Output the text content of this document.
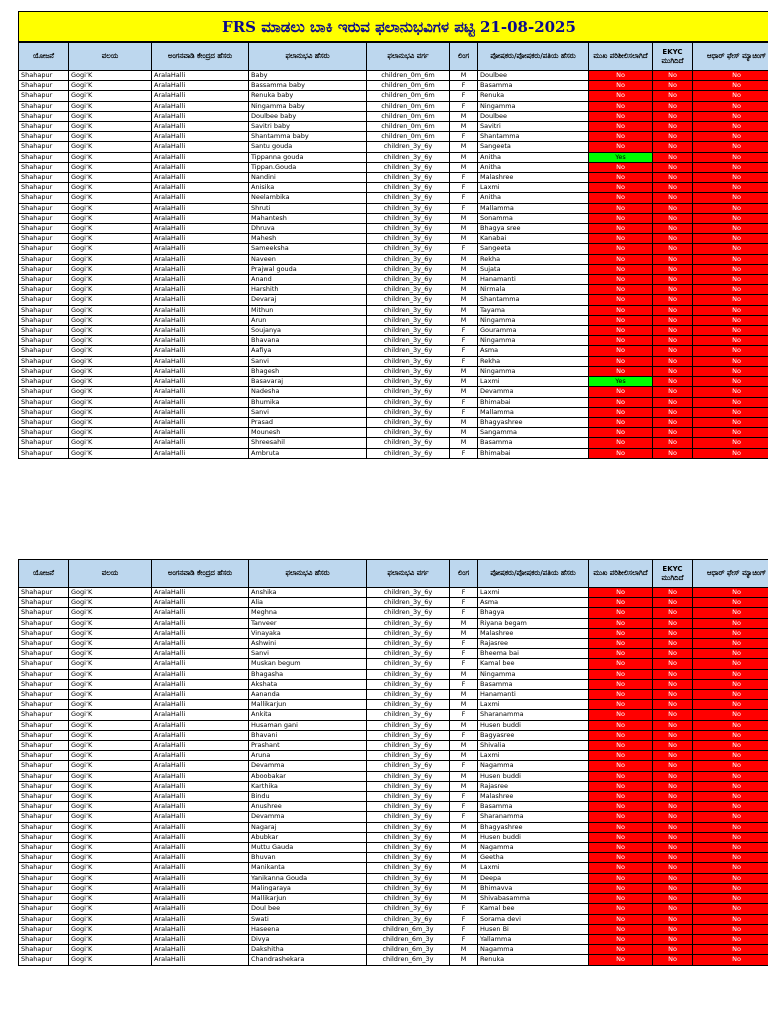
FRS ಮಾಡಲು ಬಾಕಿ ಇರುವ ಫಲಾನುಭವಿಗಳ ಪಟ್ಟಿ 21-08-2025
ಯೋಜನೆ	ವಲಯ	ಅಂಗನವಾಡಿ ಕೇಂದ್ರದ ಹೆಸರು	ಫಲಾನುಭವಿ ಹೆಸರು	ಫಲಾನುಭವಿ ವರ್ಗ	ಲಿಂಗ	ಪೋಷಕರು/ಪೋಷಕರು/ಪತಿಯ ಹೆಸರು	ಮುಖ ಪರಿಶೀಲಿಸಲಾಗಿದೆ	EKYC ಮುಗಿದಿದೆ	ಆಧಾರ್ ಫೇಸ್ ಮ್ಯಾಚಿಂಗ್
Shahapur	GogiʼK	AralaHalli	Baby	children_0m_6m	M	Doulbee	No	No	No
Shahapur	GogiʼK	AralaHalli	Bassamma baby	children_0m_6m	F	Basamma	No	No	No
Shahapur	GogiʼK	AralaHalli	Renuka baby	children_0m_6m	F	Renuka	No	No	No
Shahapur	GogiʼK	AralaHalli	Ningamma baby	children_0m_6m	F	Ningamma	No	No	No
Shahapur	GogiʼK	AralaHalli	Doulbee baby	children_0m_6m	M	Doulbee	No	No	No
Shahapur	GogiʼK	AralaHalli	Savitri baby	children_0m_6m	M	Savitri	No	No	No
Shahapur	GogiʼK	AralaHalli	Shantamma baby	children_0m_6m	F	Shantamma	No	No	No
Shahapur	GogiʼK	AralaHalli	Santu gouda	children_3y_6y	M	Sangeeta	No	No	No
Shahapur	GogiʼK	AralaHalli	Tippanna gouda	children_3y_6y	M	Anitha	Yes	No	No
Shahapur	GogiʼK	AralaHalli	Tippan.Gouda	children_3y_6y	M	Anitha	No	No	No
Shahapur	GogiʼK	AralaHalli	Nandini	children_3y_6y	F	Malashree	No	No	No
Shahapur	GogiʼK	AralaHalli	Anisika	children_3y_6y	F	Laxmi	No	No	No
Shahapur	GogiʼK	AralaHalli	Neelambika	children_3y_6y	F	Anitha	No	No	No
Shahapur	GogiʼK	AralaHalli	Shruti	children_3y_6y	F	Mallamma	No	No	No
Shahapur	GogiʼK	AralaHalli	Mahantesh	children_3y_6y	M	Sonamma	No	No	No
Shahapur	GogiʼK	AralaHalli	Dhruva	children_3y_6y	M	Bhagya sree	No	No	No
Shahapur	GogiʼK	AralaHalli	Mahesh	children_3y_6y	M	Kanabai	No	No	No
Shahapur	GogiʼK	AralaHalli	Sameeksha	children_3y_6y	F	Sangeeta	No	No	No
Shahapur	GogiʼK	AralaHalli	Naveen	children_3y_6y	M	Rekha	No	No	No
Shahapur	GogiʼK	AralaHalli	Prajwal gouda	children_3y_6y	M	Sujata	No	No	No
Shahapur	GogiʼK	AralaHalli	Anand	children_3y_6y	M	Hanamanti	No	No	No
Shahapur	GogiʼK	AralaHalli	Harshith	children_3y_6y	M	Nirmala	No	No	No
Shahapur	GogiʼK	AralaHalli	Devaraj	children_3y_6y	M	Shantamma	No	No	No
Shahapur	GogiʼK	AralaHalli	Mithun	children_3y_6y	M	Tayama	No	No	No
Shahapur	GogiʼK	AralaHalli	Arun	children_3y_6y	M	Ningamma	No	No	No
Shahapur	GogiʼK	AralaHalli	Soujanya	children_3y_6y	F	Gouramma	No	No	No
Shahapur	GogiʼK	AralaHalli	Bhavana	children_3y_6y	F	Ningamma	No	No	No
Shahapur	GogiʼK	AralaHalli	Aafiya	children_3y_6y	F	Asma	No	No	No
Shahapur	GogiʼK	AralaHalli	Sanvi	children_3y_6y	F	Rekha	No	No	No
Shahapur	GogiʼK	AralaHalli	Bhagesh	children_3y_6y	M	Ningamma	No	No	No
Shahapur	GogiʼK	AralaHalli	Basavaraj	children_3y_6y	M	Laxmi	Yes	No	No
Shahapur	GogiʼK	AralaHalli	Nadesha	children_3y_6y	M	Devamma	No	No	No
Shahapur	GogiʼK	AralaHalli	Bhumika	children_3y_6y	F	Bhimabai	No	No	No
Shahapur	GogiʼK	AralaHalli	Sanvi	children_3y_6y	F	Mallamma	No	No	No
Shahapur	GogiʼK	AralaHalli	Prasad	children_3y_6y	M	Bhagyashree	No	No	No
Shahapur	GogiʼK	AralaHalli	Mounesh	children_3y_6y	M	Sangamma	No	No	No
Shahapur	GogiʼK	AralaHalli	Shreesahil	children_3y_6y	M	Basamma	No	No	No
Shahapur	GogiʼK	AralaHalli	Ambruta	children_3y_6y	F	Bhimabai	No	No	No
ಯೋಜನೆ	ವಲಯ	ಅಂಗನವಾಡಿ ಕೇಂದ್ರದ ಹೆಸರು	ಫಲಾನುಭವಿ ಹೆಸರು	ಫಲಾನುಭವಿ ವರ್ಗ	ಲಿಂಗ	ಪೋಷಕರು/ಪೋಷಕರು/ಪತಿಯ ಹೆಸರು	ಮುಖ ಪರಿಶೀಲಿಸಲಾಗಿದೆ	EKYC ಮುಗಿದಿದೆ	ಆಧಾರ್ ಫೇಸ್ ಮ್ಯಾಚಿಂಗ್
Shahapur	GogiʼK	AralaHalli	Anshika	children_3y_6y	F	Laxmi	No	No	No
Shahapur	GogiʼK	AralaHalli	Alia	children_3y_6y	F	Asma	No	No	No
Shahapur	GogiʼK	AralaHalli	Meghna	children_3y_6y	F	Bhagya	No	No	No
Shahapur	GogiʼK	AralaHalli	Tanveer	children_3y_6y	M	Riyana begam	No	No	No
Shahapur	GogiʼK	AralaHalli	Vinayaka	children_3y_6y	M	Malashree	No	No	No
Shahapur	GogiʼK	AralaHalli	Ashwini	children_3y_6y	F	Rajasree	No	No	No
Shahapur	GogiʼK	AralaHalli	Sanvi	children_3y_6y	F	Bheema bai	No	No	No
Shahapur	GogiʼK	AralaHalli	Muskan begum	children_3y_6y	F	Kamal bee	No	No	No
Shahapur	GogiʼK	AralaHalli	Bhagasha	children_3y_6y	M	Ningamma	No	No	No
Shahapur	GogiʼK	AralaHalli	Akshata	children_3y_6y	F	Basamma	No	No	No
Shahapur	GogiʼK	AralaHalli	Aananda	children_3y_6y	M	Hanamanti	No	No	No
Shahapur	GogiʼK	AralaHalli	Mallikarjun	children_3y_6y	M	Laxmi	No	No	No
Shahapur	GogiʼK	AralaHalli	Ankita	children_3y_6y	F	Sharanamma	No	No	No
Shahapur	GogiʼK	AralaHalli	Husaman gani	children_3y_6y	M	Husen buddi	No	No	No
Shahapur	GogiʼK	AralaHalli	Bhavani	children_3y_6y	F	Bagyasree	No	No	No
Shahapur	GogiʼK	AralaHalli	Prashant	children_3y_6y	M	Shivalia	No	No	No
Shahapur	GogiʼK	AralaHalli	Aruna	children_3y_6y	M	Laxmi	No	No	No
Shahapur	GogiʼK	AralaHalli	Devamma	children_3y_6y	F	Nagamma	No	No	No
Shahapur	GogiʼK	AralaHalli	Aboobakar	children_3y_6y	M	Husen buddi	No	No	No
Shahapur	GogiʼK	AralaHalli	Karthika	children_3y_6y	M	Rajasree	No	No	No
Shahapur	GogiʼK	AralaHalli	Bindu	children_3y_6y	F	Malashree	No	No	No
Shahapur	GogiʼK	AralaHalli	Anushree	children_3y_6y	F	Basamma	No	No	No
Shahapur	GogiʼK	AralaHalli	Devamma	children_3y_6y	F	Sharanamma	No	No	No
Shahapur	GogiʼK	AralaHalli	Nagaraj	children_3y_6y	M	Bhagyashree	No	No	No
Shahapur	GogiʼK	AralaHalli	Abubkar	children_3y_6y	M	Husen buddi	No	No	No
Shahapur	GogiʼK	AralaHalli	Muttu Gauda	children_3y_6y	M	Nagamma	No	No	No
Shahapur	GogiʼK	AralaHalli	Bhuvan	children_3y_6y	M	Geetha	No	No	No
Shahapur	GogiʼK	AralaHalli	Manikanta	children_3y_6y	M	Laxmi	No	No	No
Shahapur	GogiʼK	AralaHalli	Yanikanna Gouda	children_3y_6y	M	Deepa	No	No	No
Shahapur	GogiʼK	AralaHalli	Malingaraya	children_3y_6y	M	Bhimavva	No	No	No
Shahapur	GogiʼK	AralaHalli	Mallikarjun	children_3y_6y	M	Shivabasamma	No	No	No
Shahapur	GogiʼK	AralaHalli	Doul bee	children_3y_6y	F	Kamal bee	No	No	No
Shahapur	GogiʼK	AralaHalli	Swati	children_3y_6y	F	Sorama devi	No	No	No
Shahapur	GogiʼK	AralaHalli	Haseena	children_6m_3y	F	Husen Bi	No	No	No
Shahapur	GogiʼK	AralaHalli	Divya	children_6m_3y	F	Yallamma	No	No	No
Shahapur	GogiʼK	AralaHalli	Dakshitha	children_6m_3y	M	Nagamma	No	No	No
Shahapur	GogiʼK	AralaHalli	Chandrashekara	children_6m_3y	M	Renuka	No	No	No
